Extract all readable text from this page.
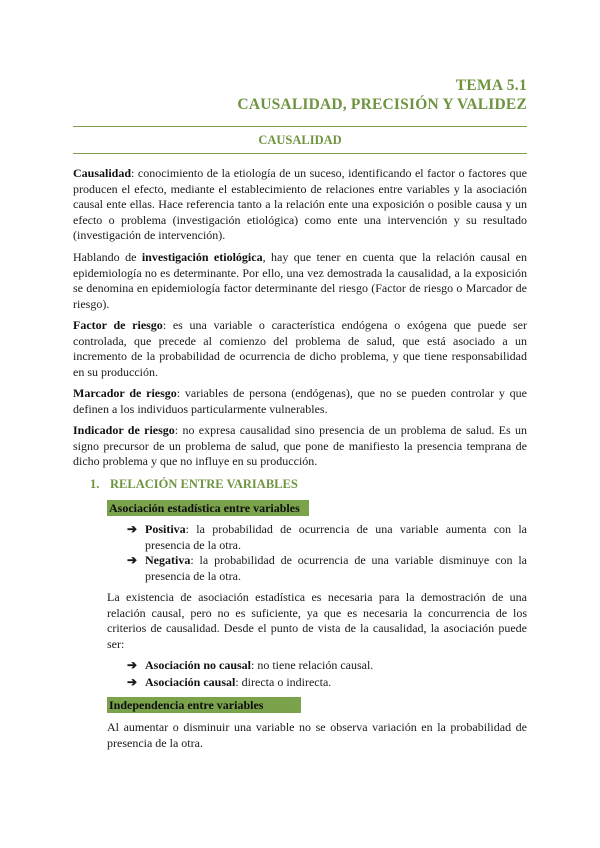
TEMA 5.1
CAUSALIDAD, PRECISIÓN Y VALIDEZ
CAUSALIDAD

Causalidad: conocimiento de la etiología de un suceso, identificando el factor o factores que producen el efecto, mediante el establecimiento de relaciones entre variables y la asociación causal ente ellas. Hace referencia tanto a la relación ente una exposición o posible causa y un efecto o problema (investigación etiológica) como ente una intervención y su resultado (investigación de intervención).

Hablando de investigación etiológica, hay que tener en cuenta que la relación causal en epidemiología no es determinante. Por ello, una vez demostrada la causalidad, a la exposición se denomina en epidemiología factor determinante del riesgo (Factor de riesgo o Marcador de riesgo).

Factor de riesgo: es una variable o característica endógena o exógena que puede ser controlada, que precede al comienzo del problema de salud, que está asociado a un incremento de la probabilidad de ocurrencia de dicho problema, y que tiene responsabilidad en su producción.

Marcador de riesgo: variables de persona (endógenas), que no se pueden controlar y que definen a los individuos particularmente vulnerables.

Indicador de riesgo: no expresa causalidad sino presencia de un problema de salud. Es un signo precursor de un problema de salud, que pone de manifiesto la presencia temprana de dicho problema y que no influye en su producción.

1. RELACIÓN ENTRE VARIABLES
Asociación estadística entre variables
➔ Positiva: la probabilidad de ocurrencia de una variable aumenta con la presencia de la otra.
➔ Negativa: la probabilidad de ocurrencia de una variable disminuye con la presencia de la otra.

La existencia de asociación estadística es necesaria para la demostración de una relación causal, pero no es suficiente, ya que es necesaria la concurrencia de los criterios de causalidad. Desde el punto de vista de la causalidad, la asociación puede ser:

➔ Asociación no causal: no tiene relación causal.
➔ Asociación causal: directa o indirecta.
Independencia entre variables

Al aumentar o disminuir una variable no se observa variación en la probabilidad de presencia de la otra.
